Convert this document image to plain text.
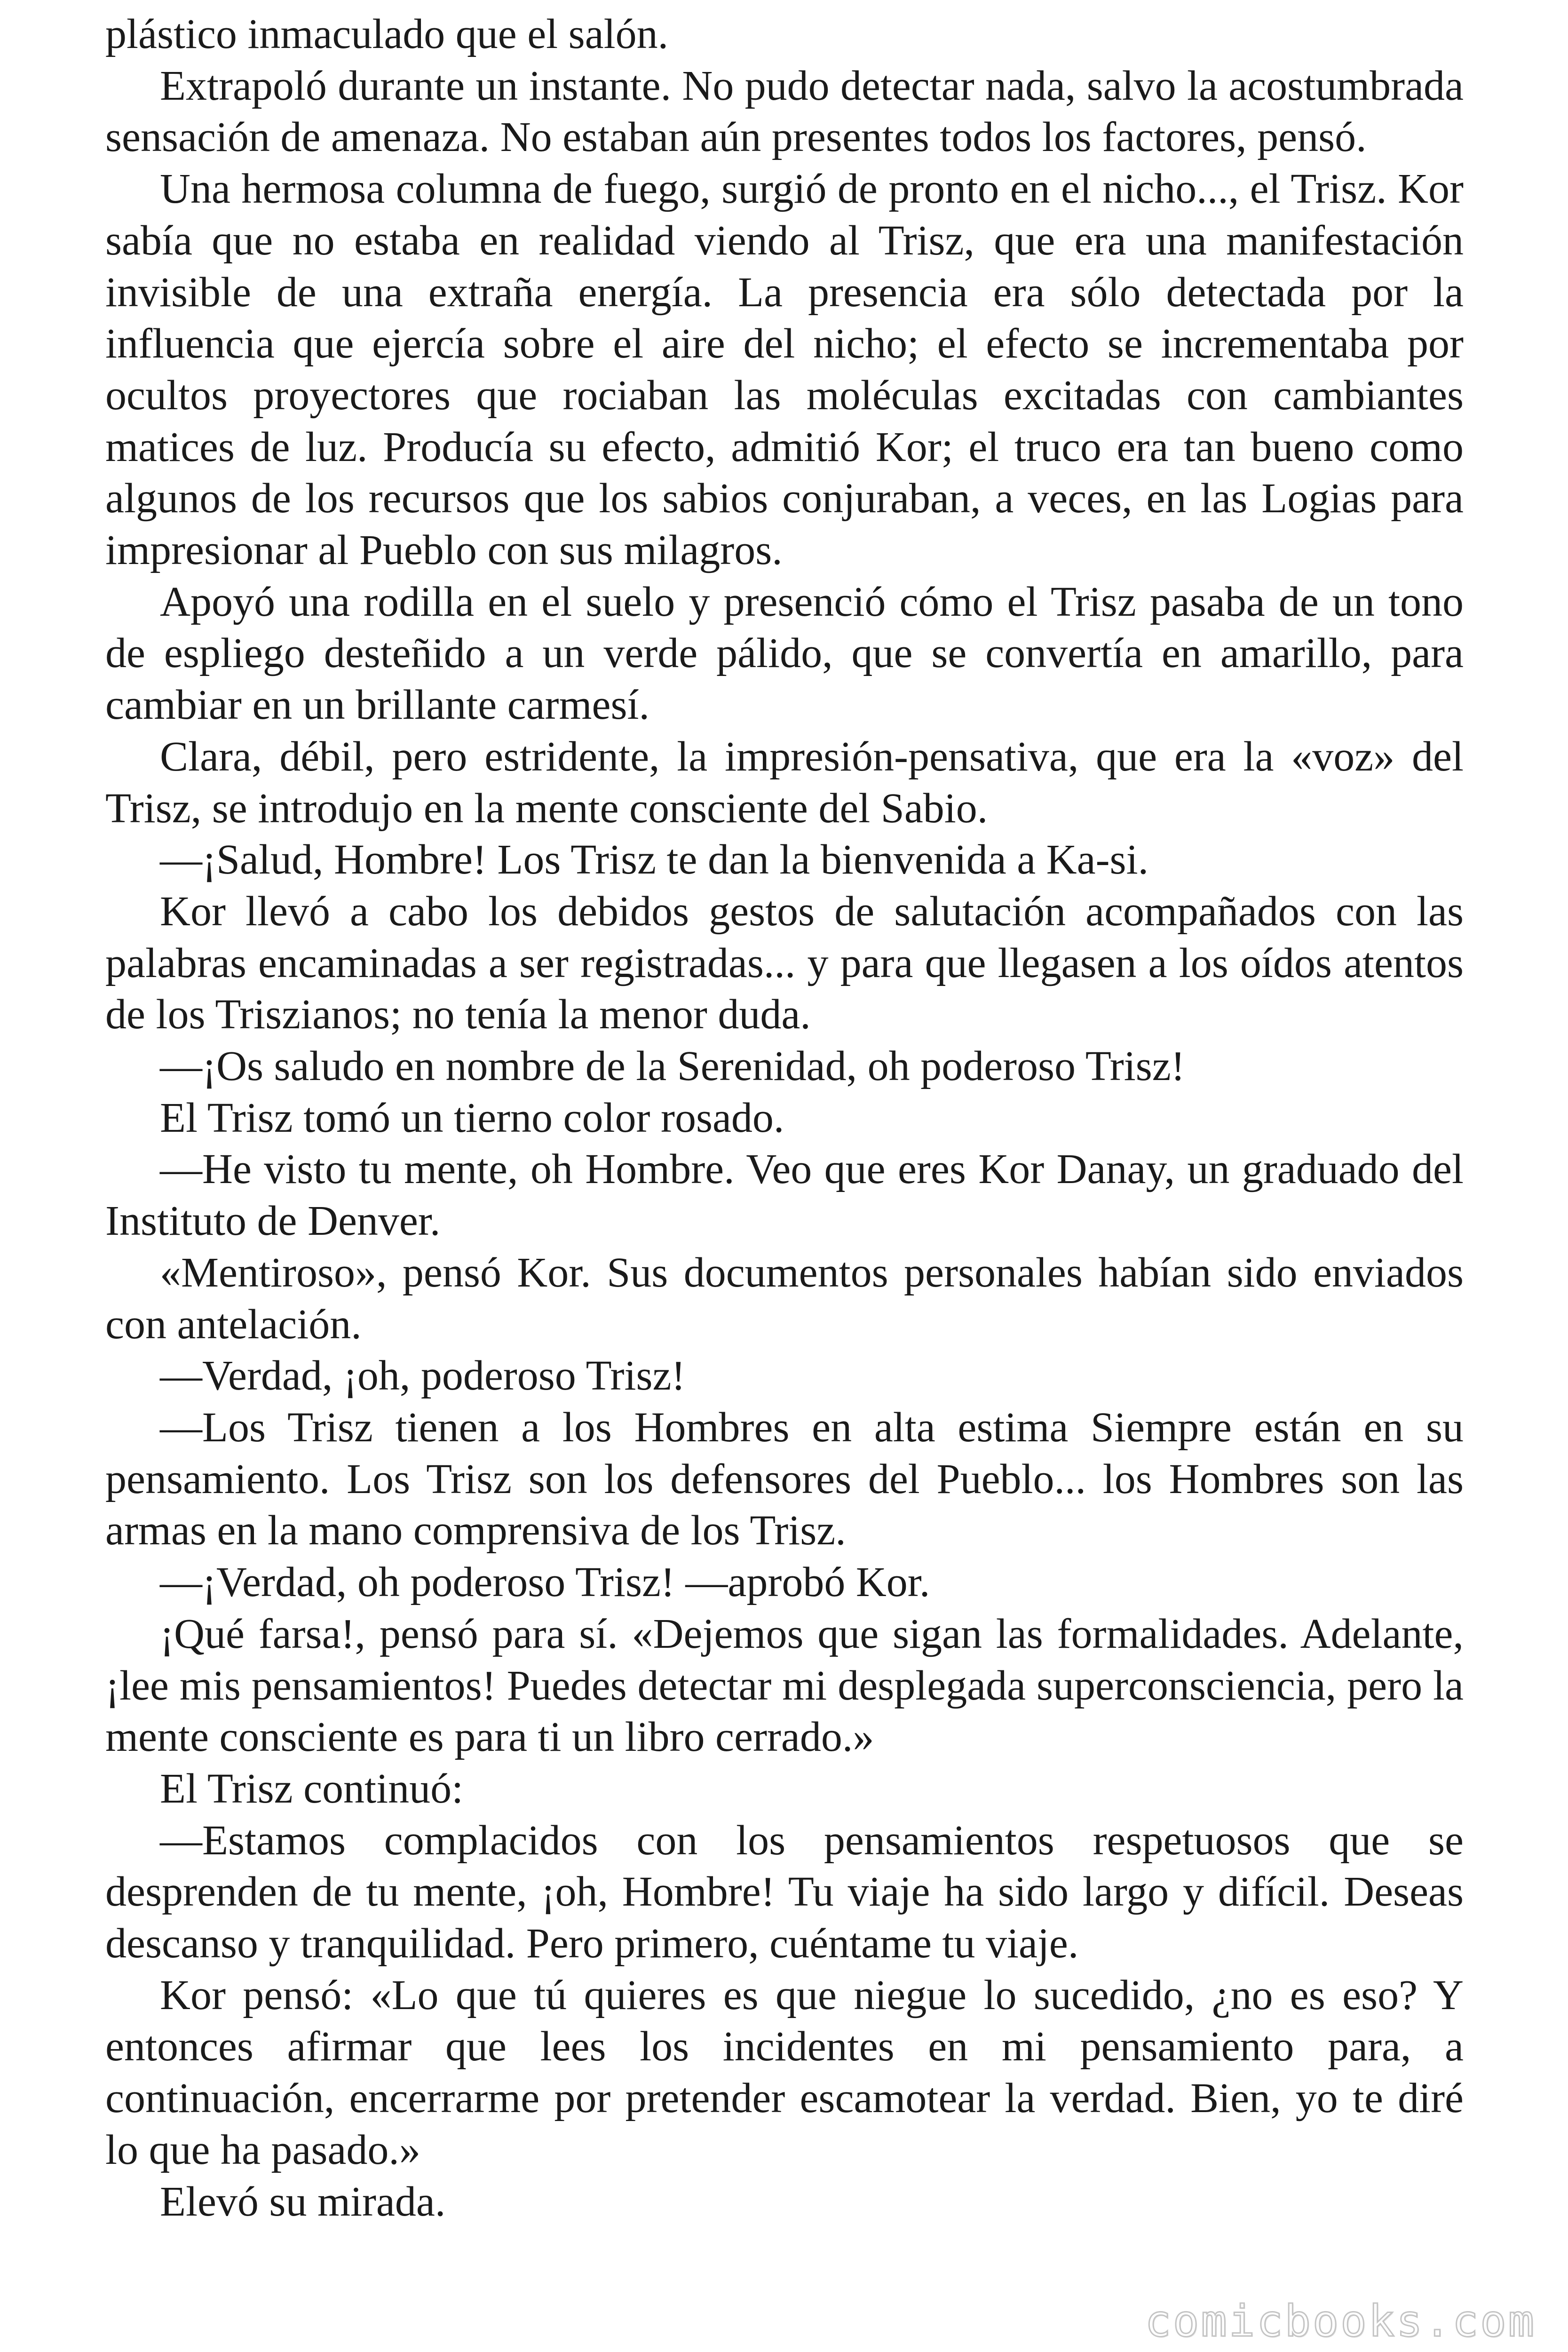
plástico inmaculado que el salón.

Extrapoló durante un instante. No pudo detectar nada, salvo la acostumbrada sensación de amenaza. No estaban aún presentes todos los factores, pensó.

Una hermosa columna de fuego, surgió de pronto en el nicho..., el Trisz. Kor sabía que no estaba en realidad viendo al Trisz, que era una manifestación invisible de una extraña energía. La presencia era sólo detectada por la influencia que ejercía sobre el aire del nicho; el efecto se incrementaba por ocultos proyectores que rociaban las moléculas excitadas con cambiantes matices de luz. Producía su efecto, admitió Kor; el truco era tan bueno como algunos de los recursos que los sabios conjuraban, a veces, en las Logias para impresionar al Pueblo con sus milagros.

Apoyó una rodilla en el suelo y presenció cómo el Trisz pasaba de un tono de espliego desteñido a un verde pálido, que se convertía en amarillo, para cambiar en un brillante carmesí.

Clara, débil, pero estridente, la impresión-pensativa, que era la «voz» del Trisz, se introdujo en la mente consciente del Sabio.

—¡Salud, Hombre! Los Trisz te dan la bienvenida a Ka-si.

Kor llevó a cabo los debidos gestos de salutación acompañados con las palabras encaminadas a ser registradas... y para que llegasen a los oídos atentos de los Triszianos; no tenía la menor duda.

—¡Os saludo en nombre de la Serenidad, oh poderoso Trisz!

El Trisz tomó un tierno color rosado.

—He visto tu mente, oh Hombre. Veo que eres Kor Danay, un graduado del Instituto de Denver.

«Mentiroso», pensó Kor. Sus documentos personales habían sido enviados con antelación.

—Verdad, ¡oh, poderoso Trisz!

—Los Trisz tienen a los Hombres en alta estima Siempre están en su pensamiento. Los Trisz son los defensores del Pueblo... los Hombres son las armas en la mano comprensiva de los Trisz.

—¡Verdad, oh poderoso Trisz! —aprobó Kor.

¡Qué farsa!, pensó para sí. «Dejemos que sigan las formalidades. Adelante, ¡lee mis pensamientos! Puedes detectar mi desplegada superconsciencia, pero la mente consciente es para ti un libro cerrado.»

El Trisz continuó:

—Estamos complacidos con los pensamientos respetuosos que se desprenden de tu mente, ¡oh, Hombre! Tu viaje ha sido largo y difícil. Deseas descanso y tranquilidad. Pero primero, cuéntame tu viaje.

Kor pensó: «Lo que tú quieres es que niegue lo sucedido, ¿no es eso? Y entonces afirmar que lees los incidentes en mi pensamiento para, a continuación, encerrarme por pretender escamotear la verdad. Bien, yo te diré lo que ha pasado.»

Elevó su mirada.

comicbooks.com
